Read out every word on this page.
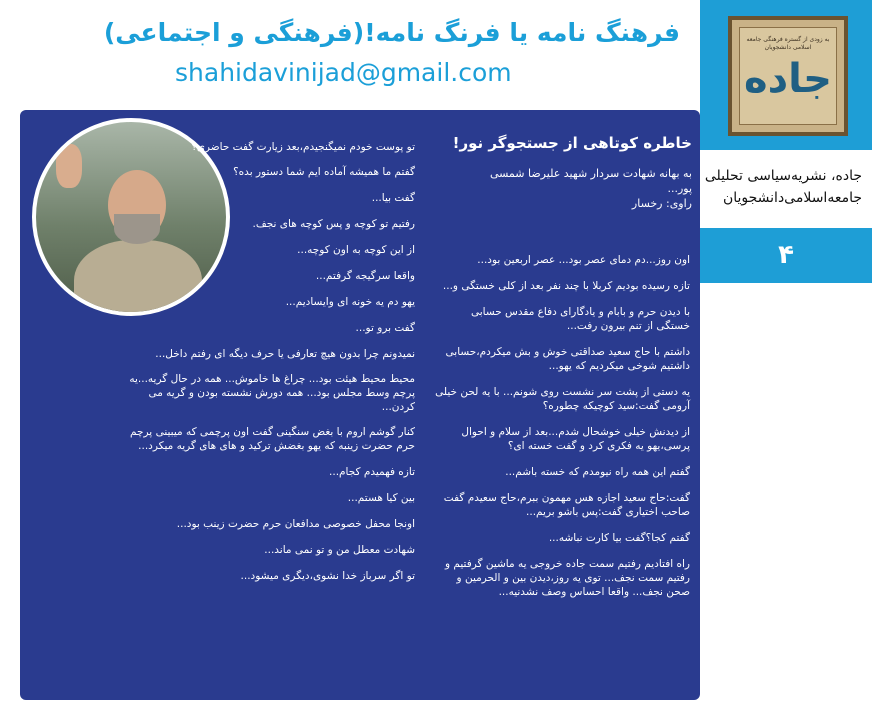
فرهنگ نامه یا فرنگ نامه!(فرهنگی و اجتماعی)
shahidavinijad@gmail.com
به زودی از گستره فرهنگی جامعه اسلامی دانشجویان
جاده
جاده، نشریه‌سیاسی تحلیلی جامعه‌اسلامی‌دانشجویان
۴
خاطره کوتاهی از جستجوگر نور!
به بهانه شهادت سردار شهید علیرضا شمسی پور...
راوی: رخسار

تو پوست خودم نمیگنجیدم،بعد زیارت گفت حاضری؟

گفتم ما همیشه آماده ایم شما دستور بده؟

گفت بیا...

رفتیم تو کوچه و پس کوچه های نجف.

از این کوچه به اون کوچه...

واقعا سرگیجه گرفتم...

یهو دم یه خونه ای وایسادیم...

گفت برو تو...

نمیدونم چرا بدون هیچ تعارفی یا حرف دیگه ای رفتم داخل...

محیط محیط هیئت بود... چراغ ها خاموش... همه در حال گریه...یه پرچم وسط مجلس بود... همه دورش نشسته بودن و گریه می کردن...

کنار گوشم اروم با بغض سنگینی گفت اون پرچمی که میبینی پرچم حرم حضرت زینبه که یهو بغضش ترکید و های های گریه میکرد...

تازه فهمیدم کجام...

بین کیا هستم...

اونجا محفل خصوصی مدافعان حرم حضرت زینب بود...

شهادت معطل من و تو نمی ماند...

تو اگر سرباز خدا نشوی،دیگری میشود...

اون روز...دم دمای عصر بود... عصر اربعین بود...

تازه رسیده بودیم کربلا با چند نفر بعد از کلی خستگی و...

با دیدن حرم و بابام و یادگارای دفاع مقدس حسابی خستگی از تنم بیرون رفت...

داشتم با حاج سعید صداقتی خوش و بش میکردم،حسابی داشتیم شوخی میکردیم که یهو...

یه دستی از پشت سر نشست روی شونم... با یه لحن خیلی آرومی گفت:سید کوچیکه چطوره؟

از دیدنش خیلی خوشحال شدم...بعد از سلام و احوال پرسی،یهو یه فکری کرد و گفت خسته ای؟

گفتم این همه راه نیومدم که خسته باشم...

گفت:حاج سعید اجازه هس مهمون ببرم،حاج سعیدم گفت صاحب اختیاری گفت:پس باشو بریم...

گفتم کجا؟گفت بیا کارت نباشه...

راه افتادیم رفتیم سمت جاده خروجی یه ماشین گرفتیم و رفتیم سمت نجف... توی یه روز،دیدن بین و الحرمین و صحن نجف... واقعا احساس وصف نشدنیه...
